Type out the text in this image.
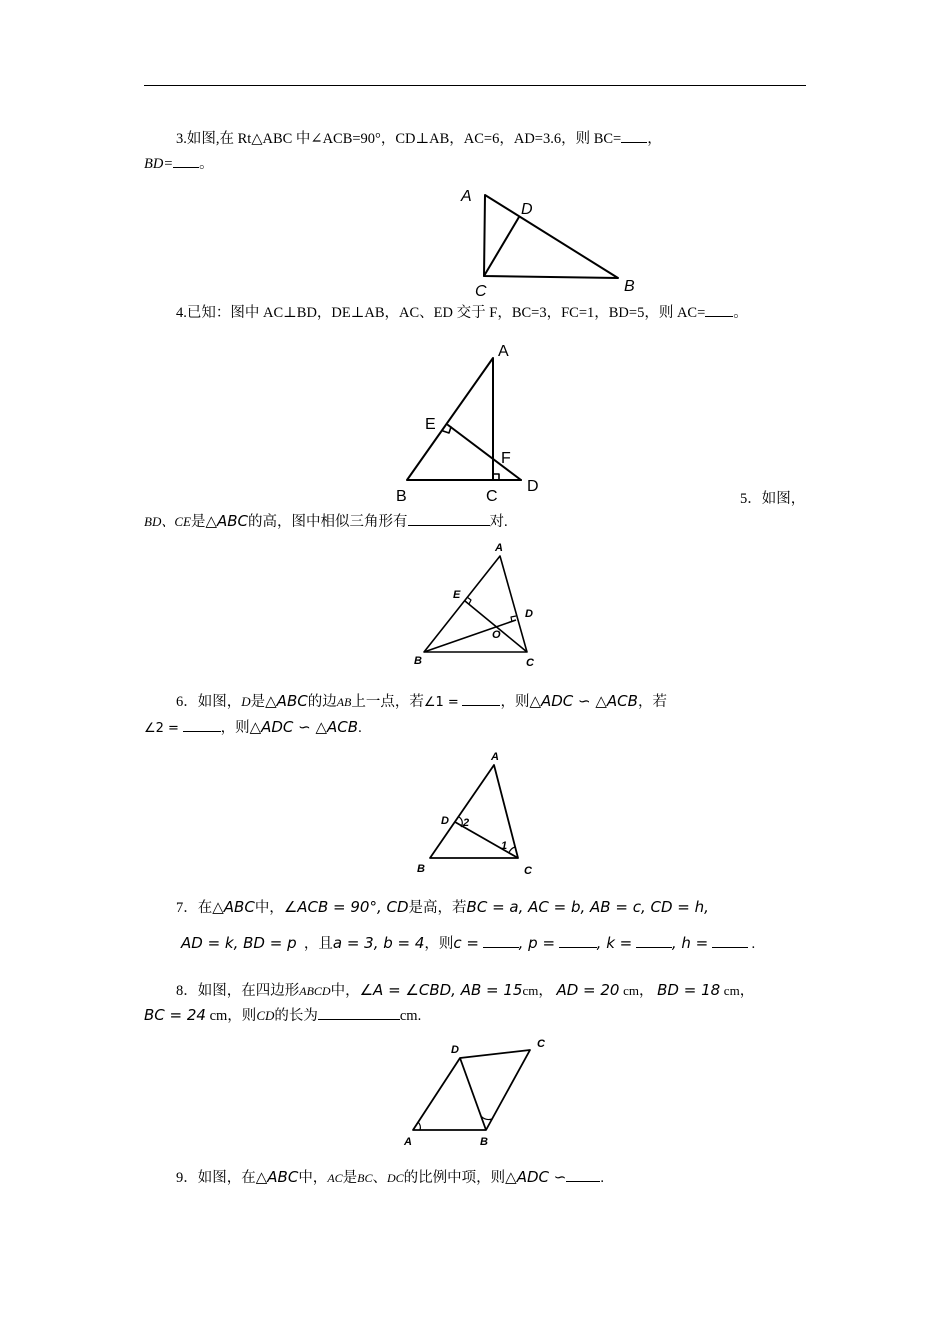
3.如图,在 Rt△ABC 中∠ACB=90°，CD⊥AB，AC=6，AD=3.6，则 BC= ，
BD= 。
A
D
B
C
4.已知：图中 AC⊥BD，DE⊥AB，AC、ED 交于 F，BC=3，FC=1，BD=5，则 AC= 。
A
E
F
D
B	C	5．如图，
BD、CE是△ABC的高，图中相似三角形有	对.
A
E
D
O
B	C
6．如图，D是△ABC的边AB上一点，若∠1 =	，则△ADC ∽ △ACB，若
∠2 =	，则△ADC ∽ △ACB.
A
D 2
1
B	C
7．在△ABC中，∠ACB = 90°, CD是高，若BC = a, AC = b, AB = c, CD = h,
AD = k, BD = p ，且a = 3, b = 4，则c =	, p =	, k =	, h =	.
8．如图，在四边形ABCD中，∠A = ∠CBD, AB = 15cm， AD = 20 cm， BD = 18 cm，
BC = 24 cm，则CD的长为	cm.
D	C
A	B
9．如图，在△ABC中，AC是BC、DC的比例中项，则△ADC ∽ .
